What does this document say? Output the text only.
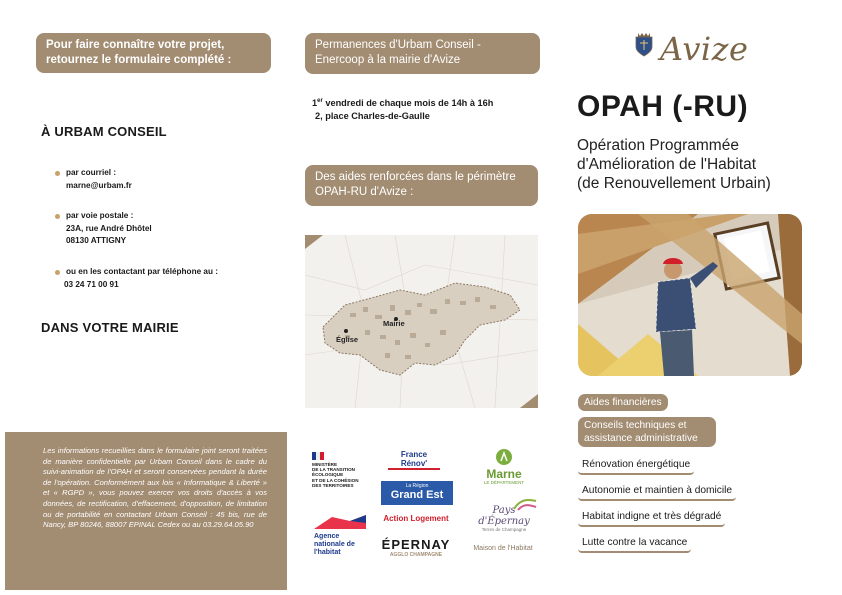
Pour faire connaître votre projet, retournez le formulaire complété :
À URBAM CONSEIL
par courriel :
marne@urbam.fr
par voie postale :
23A, rue André Dhôtel
08130 ATTIGNY
ou en les contactant par téléphone au :
03 24 71 00 91
DANS VOTRE MAIRIE
Les informations recueillies dans le formulaire joint seront traitées de manière confidentielle par Urbam Conseil dans le cadre du suivi-animation de l'OPAH et seront conservées pendant la durée de l'opération. Conformément aux lois « Informatique & Liberté » et « RGPD », vous pouvez exercer vos droits d'accès à vos données, de rectification, d'effacement, d'opposition, de limitation ou de portabilité en contactant Urbam Conseil : 45 bis, rue de Nancy, BP 80246, 88007 EPINAL Cedex ou au 03.29.64.05.90
Permanences d'Urbam Conseil - Enercoop à la mairie d'Avize
1er vendredi de chaque mois de 14h à 16h
2, place Charles-de-Gaulle
Des aides renforcées dans le périmètre OPAH-RU d'Avize :
Mairie
Église
MINISTÈRE
DE LA TRANSITION
ÉCOLOGIQUE
ET DE LA COHÉSION
DES TERRITOIRES
France Rénov'
Marne
LE DÉPARTEMENT
La Région
Grand Est
Action Logement
Pays d'Épernay
Terres de Champagne
Agence
nationale de
l'habitat
ÉPERNAY
AGGLO CHAMPAGNE
Maison de l'Habitat
Avize
OPAH (-RU)
Opération Programmée
d'Amélioration de l'Habitat
(de Renouvellement Urbain)
Aides financières
Conseils techniques et assistance administrative
Rénovation énergétique
Autonomie et maintien à domicile
Habitat indigne et très dégradé
Lutte contre la vacance
